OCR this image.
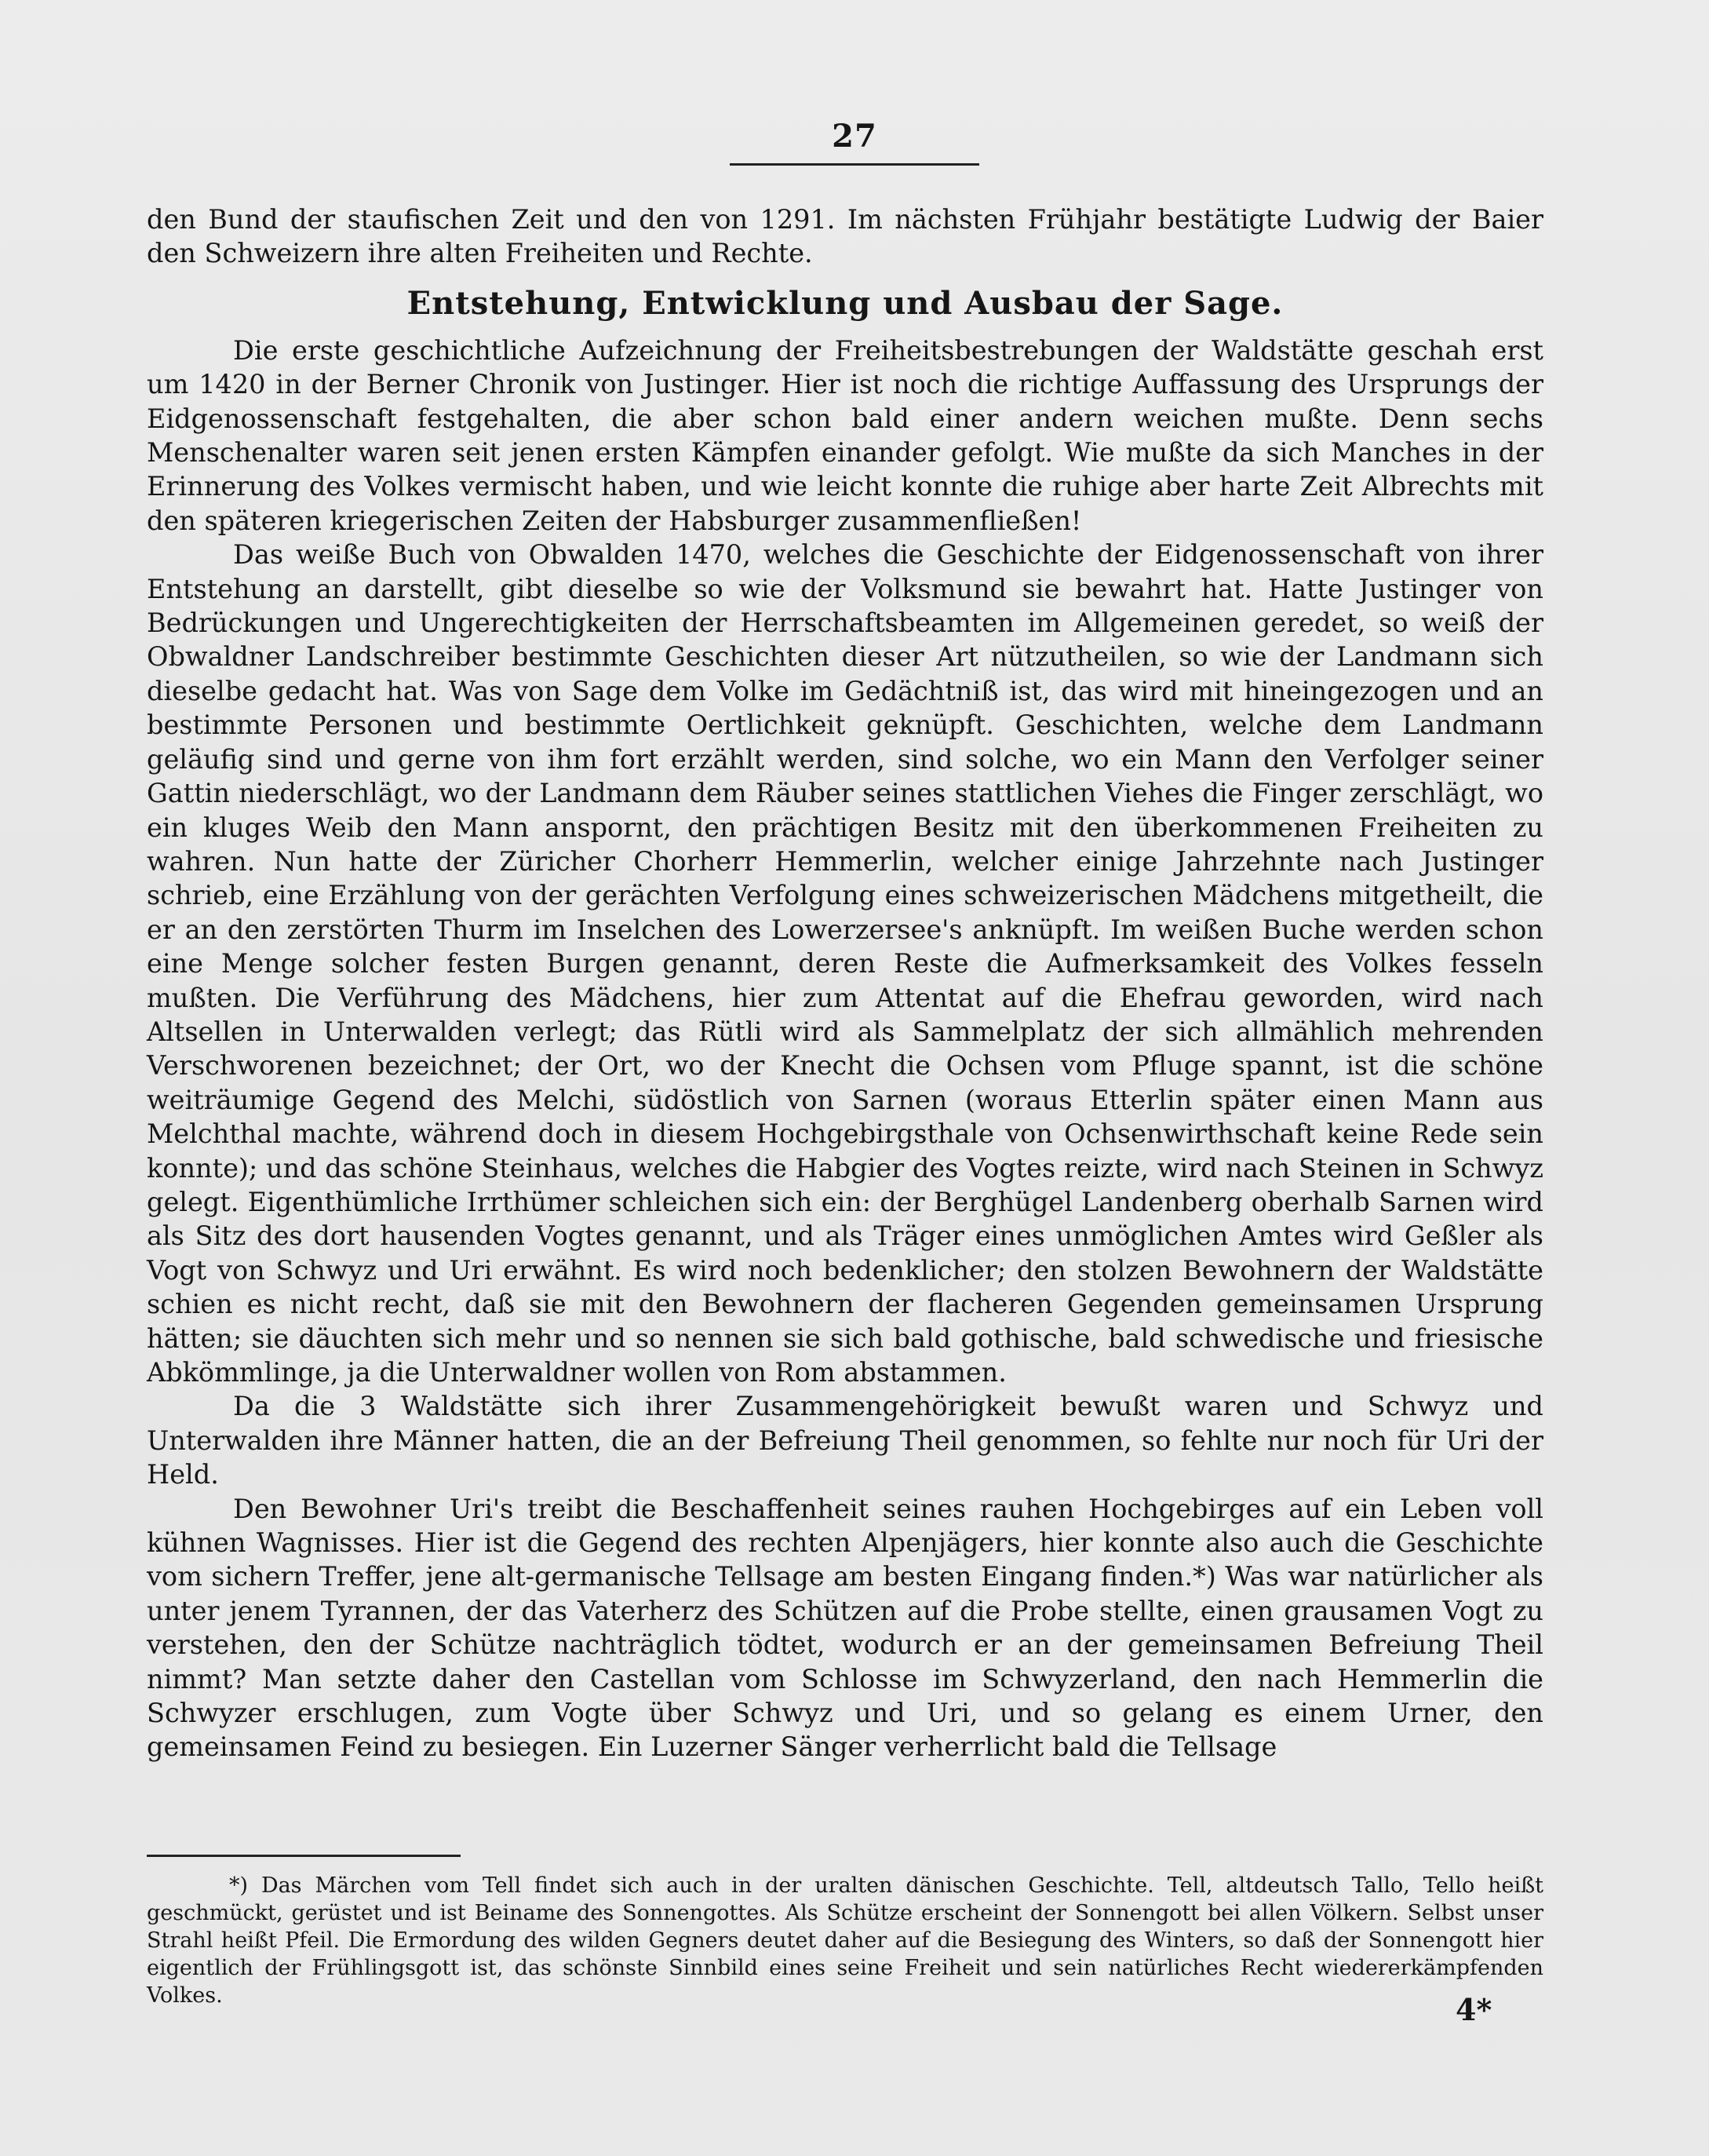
27

den Bund der staufischen Zeit und den von 1291. Im nächsten Frühjahr bestätigte Ludwig der Baier den Schweizern ihre alten Freiheiten und Rechte.

Entstehung, Entwicklung und Ausbau der Sage.

Die erste geschichtliche Aufzeichnung der Freiheitsbestrebungen der Waldstätte geschah erst um 1420 in der Berner Chronik von Justinger. Hier ist noch die richtige Auffassung des Ursprungs der Eidgenossenschaft festgehalten, die aber schon bald einer andern weichen mußte. Denn sechs Menschenalter waren seit jenen ersten Kämpfen einander gefolgt. Wie mußte da sich Manches in der Erinnerung des Volkes vermischt haben, und wie leicht konnte die ruhige aber harte Zeit Albrechts mit den späteren kriegerischen Zeiten der Habsburger zusammenfließen!

Das weiße Buch von Obwalden 1470, welches die Geschichte der Eidgenossenschaft von ihrer Entstehung an darstellt, gibt dieselbe so wie der Volksmund sie bewahrt hat. Hatte Justinger von Bedrückungen und Ungerechtigkeiten der Herrschaftsbeamten im Allgemeinen geredet, so weiß der Obwaldner Landschreiber bestimmte Geschichten dieser Art nützutheilen, so wie der Landmann sich dieselbe gedacht hat. Was von Sage dem Volke im Gedächtniß ist, das wird mit hineingezogen und an bestimmte Personen und bestimmte Oertlichkeit geknüpft. Geschichten, welche dem Landmann geläufig sind und gerne von ihm fort erzählt werden, sind solche, wo ein Mann den Verfolger seiner Gattin niederschlägt, wo der Landmann dem Räuber seines stattlichen Viehes die Finger zerschlägt, wo ein kluges Weib den Mann anspornt, den prächtigen Besitz mit den überkommenen Freiheiten zu wahren. Nun hatte der Züricher Chorherr Hemmerlin, welcher einige Jahrzehnte nach Justinger schrieb, eine Erzählung von der gerächten Verfolgung eines schweizerischen Mädchens mitgetheilt, die er an den zerstörten Thurm im Inselchen des Lowerzersee's anknüpft. Im weißen Buche werden schon eine Menge solcher festen Burgen genannt, deren Reste die Aufmerksamkeit des Volkes fesseln mußten. Die Verführung des Mädchens, hier zum Attentat auf die Ehefrau geworden, wird nach Altsellen in Unterwalden verlegt; das Rütli wird als Sammelplatz der sich allmählich mehrenden Verschworenen bezeichnet; der Ort, wo der Knecht die Ochsen vom Pfluge spannt, ist die schöne weiträumige Gegend des Melchi, südöstlich von Sarnen (woraus Etterlin später einen Mann aus Melchthal machte, während doch in diesem Hochgebirgsthale von Ochsenwirthschaft keine Rede sein konnte); und das schöne Steinhaus, welches die Habgier des Vogtes reizte, wird nach Steinen in Schwyz gelegt. Eigenthümliche Irrthümer schleichen sich ein: der Berghügel Landenberg oberhalb Sarnen wird als Sitz des dort hausenden Vogtes genannt, und als Träger eines unmöglichen Amtes wird Geßler als Vogt von Schwyz und Uri erwähnt. Es wird noch bedenklicher; den stolzen Bewohnern der Waldstätte schien es nicht recht, daß sie mit den Bewohnern der flacheren Gegenden gemeinsamen Ursprung hätten; sie däuchten sich mehr und so nennen sie sich bald gothische, bald schwedische und friesische Abkömmlinge, ja die Unterwaldner wollen von Rom abstammen.

Da die 3 Waldstätte sich ihrer Zusammengehörigkeit bewußt waren und Schwyz und Unterwalden ihre Männer hatten, die an der Befreiung Theil genommen, so fehlte nur noch für Uri der Held.

Den Bewohner Uri's treibt die Beschaffenheit seines rauhen Hochgebirges auf ein Leben voll kühnen Wagnisses. Hier ist die Gegend des rechten Alpenjägers, hier konnte also auch die Geschichte vom sichern Treffer, jene alt-germanische Tellsage am besten Eingang finden.*) Was war natürlicher als unter jenem Tyrannen, der das Vaterherz des Schützen auf die Probe stellte, einen grausamen Vogt zu verstehen, den der Schütze nachträglich tödtet, wodurch er an der gemeinsamen Befreiung Theil nimmt? Man setzte daher den Castellan vom Schlosse im Schwyzerland, den nach Hemmerlin die Schwyzer erschlugen, zum Vogte über Schwyz und Uri, und so gelang es einem Urner, den gemeinsamen Feind zu besiegen. Ein Luzerner Sänger verherrlicht bald die Tellsage

*) Das Märchen vom Tell findet sich auch in der uralten dänischen Geschichte. Tell, altdeutsch Tallo, Tello heißt geschmückt, gerüstet und ist Beiname des Sonnengottes. Als Schütze erscheint der Sonnengott bei allen Völkern. Selbst unser Strahl heißt Pfeil. Die Ermordung des wilden Gegners deutet daher auf die Besiegung des Winters, so daß der Sonnengott hier eigentlich der Frühlingsgott ist, das schönste Sinnbild eines seine Freiheit und sein natürliches Recht wiedererkämpfenden Volkes.	4*
